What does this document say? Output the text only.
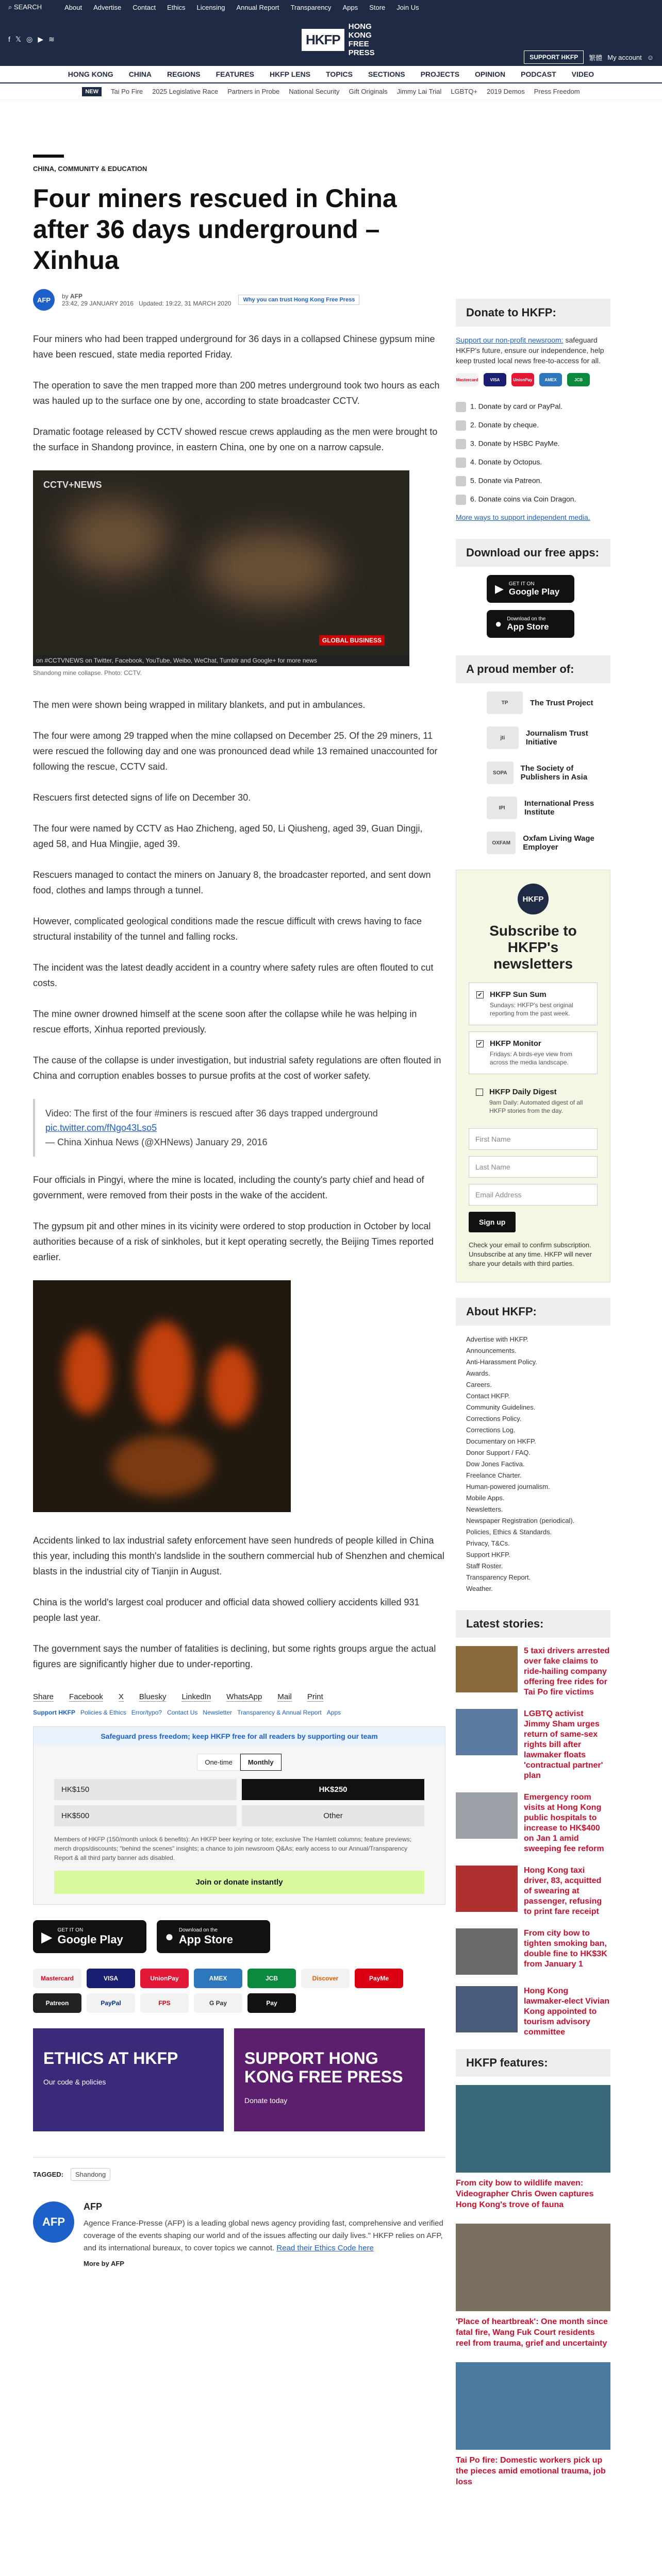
⌕ SEARCH	About Advertise Contact Ethics Licensing Annual Report Transparency Apps Store Join Us
f 𝕏 ◎ ▶ ≋	HKFP
HONG KONG FREE PRESS	SUPPORT HKFP	繁體 My account ☺
HONG KONG CHINA REGIONS FEATURES HKFP LENS TOPICS SECTIONS PROJECTS OPINION PODCAST VIDEO
NEW	Tai Po Fire 2025 Legislative Race Partners in Probe National Security Gift Originals Jimmy Lai Trial LGBTQ+ 2019 Demos Press Freedom
CHINA, COMMUNITY & EDUCATION
Four miners rescued in China after 36 days underground – Xinhua
AFP	by AFP
23:42, 29 JANUARY 2016 Updated: 19:22, 31 MARCH 2020	Why you can trust Hong Kong Free Press

Four miners who had been trapped underground for 36 days in a collapsed Chinese gypsum mine have been rescued, state media reported Friday.

The operation to save the men trapped more than 200 metres underground took two hours as each was hauled up to the surface one by one, according to state broadcaster CCTV.

Dramatic footage released by CCTV showed rescue crews applauding as the men were brought to the surface in Shandong province, in eastern China, one by one on a narrow capsule.

CCTV+NEWS
GLOBAL BUSINESS
on #CCTVNEWS on Twitter, Facebook, YouTube, Weibo, WeChat, Tumblr and Google+ for more news
Shandong mine collapse. Photo: CCTV.

The men were shown being wrapped in military blankets, and put in ambulances.

The four were among 29 trapped when the mine collapsed on December 25. Of the 29 miners, 11 were rescued the following day and one was pronounced dead while 13 remained unaccounted for following the rescue, CCTV said.

Rescuers first detected signs of life on December 30.

The four were named by CCTV as Hao Zhicheng, aged 50, Li Qiusheng, aged 39, Guan Dingji, aged 58, and Hua Mingjie, aged 39.

Rescuers managed to contact the miners on January 8, the broadcaster reported, and sent down food, clothes and lamps through a tunnel.

However, complicated geological conditions made the rescue difficult with crews having to face structural instability of the tunnel and falling rocks.

The incident was the latest deadly accident in a country where safety rules are often flouted to cut costs.

The mine owner drowned himself at the scene soon after the collapse while he was helping in rescue efforts, Xinhua reported previously.

The cause of the collapse is under investigation, but industrial safety regulations are often flouted in China and corruption enables bosses to pursue profits at the cost of worker safety.

Video: The first of the four #miners is rescued after 36 days trapped underground
pic.twitter.com/fNgo43Lso5
— China Xinhua News (@XHNews) January 29, 2016

Four officials in Pingyi, where the mine is located, including the county's party chief and head of government, were removed from their posts in the wake of the accident.

The gypsum pit and other mines in its vicinity were ordered to stop production in October by local authorities because of a risk of sinkholes, but it kept operating secretly, the Beijing Times reported earlier.

Accidents linked to lax industrial safety enforcement have seen hundreds of people killed in China this year, including this month's landslide in the southern commercial hub of Shenzhen and chemical blasts in the industrial city of Tianjin in August.

China is the world's largest coal producer and official data showed colliery accidents killed 931 people last year.

The government says the number of fatalities is declining, but some rights groups argue the actual figures are significantly higher due to under-reporting.

Share Facebook X Bluesky LinkedIn WhatsApp Mail Print
Support HKFP Policies & Ethics Error/typo? Contact Us Newsletter Transparency & Annual Report Apps
Safeguard press freedom; keep HKFP free for all readers by supporting our team
One-time	Monthly
HK$150	HK$250
HK$500	Other
Members of HKFP (150/month unlock 6 benefits): An HKFP beer keyring or tote; exclusive The Hamlett columns; feature previews; merch drops/discounts; "behind the scenes" insights; a chance to join newsroom Q&As; early access to our Annual/Transparency Report & all third party banner ads disabled.
Join or donate instantly
▶ GET IT ON
Google Play	● Download on the
App Store
Mastercard	VISA	UnionPay	AMEX	JCB	Discover	PayMe
Patreon	PayPal	FPS	G Pay	Pay
ETHICS AT HKFP
Our code & policies
SUPPORT HONG KONG FREE PRESS
Donate today
TAGGED:	Shandong
AFP
AFP
Agence France-Presse (AFP) is a leading global news agency providing fast, comprehensive and verified coverage of the events shaping our world and of the issues affecting our daily lives." HKFP relies on AFP, and its international bureaux, to cover topics we cannot. Read their Ethics Code here
More by AFP
Donate to HKFP:
Support our non-profit newsroom: safeguard HKFP's future, ensure our independence, help keep trusted local news free-to-access for all.
Mastercard	VISA	UnionPay	AMEX	JCB
1. Donate by card or PayPal.
2. Donate by cheque.
3. Donate by HSBC PayMe.
4. Donate by Octopus.
5. Donate via Patreon.
6. Donate coins via Coin Dragon.
More ways to support independent media.
Download our free apps:
▶ GET IT ON
Google Play
● Download on the
App Store
A proud member of:
TP	The Trust Project
jti	Journalism Trust Initiative
SOPA	The Society of Publishers in Asia
IPI	International Press Institute
OXFAM	Oxfam Living Wage Employer
HKFP
Subscribe to HKFP's newsletters
✔ HKFP Sun Sum
Sundays: HKFP's best original reporting from the past week.
✔ HKFP Monitor
Fridays: A birds-eye view from across the media landscape.
HKFP Daily Digest
9am Daily: Automated digest of all HKFP stories from the day.
First Name
Last Name
Email Address
Sign up
Check your email to confirm subscription. Unsubscribe at any time. HKFP will never share your details with third parties.
About HKFP:
Advertise with HKFP.
Announcements.
Anti-Harassment Policy.
Awards.
Careers.
Contact HKFP.
Community Guidelines.
Corrections Policy.
Corrections Log.
Documentary on HKFP.
Donor Support / FAQ.
Dow Jones Factiva.
Freelance Charter.
Human-powered journalism.
Mobile Apps.
Newsletters.
Newspaper Registration (periodical).
Policies, Ethics & Standards.
Privacy, T&Cs.
Support HKFP.
Staff Roster.
Transparency Report.
Weather.
Latest stories:
5 taxi drivers arrested over fake claims to ride-hailing company offering free rides for Tai Po fire victims
LGBTQ activist Jimmy Sham urges return of same-sex rights bill after lawmaker floats 'contractual partner' plan
Emergency room visits at Hong Kong public hospitals to increase to HK$400 on Jan 1 amid sweeping fee reform
Hong Kong taxi driver, 83, acquitted of swearing at passenger, refusing to print fare receipt
From city bow to tighten smoking ban, double fine to HK$3K from January 1
Hong Kong lawmaker-elect Vivian Kong appointed to tourism advisory committee
HKFP features:
From city bow to wildlife maven: Videographer Chris Owen captures Hong Kong's trove of fauna
'Place of heartbreak': One month since fatal fire, Wang Fuk Court residents reel from trauma, grief and uncertainty
Tai Po fire: Domestic workers pick up the pieces amid emotional trauma, job loss
